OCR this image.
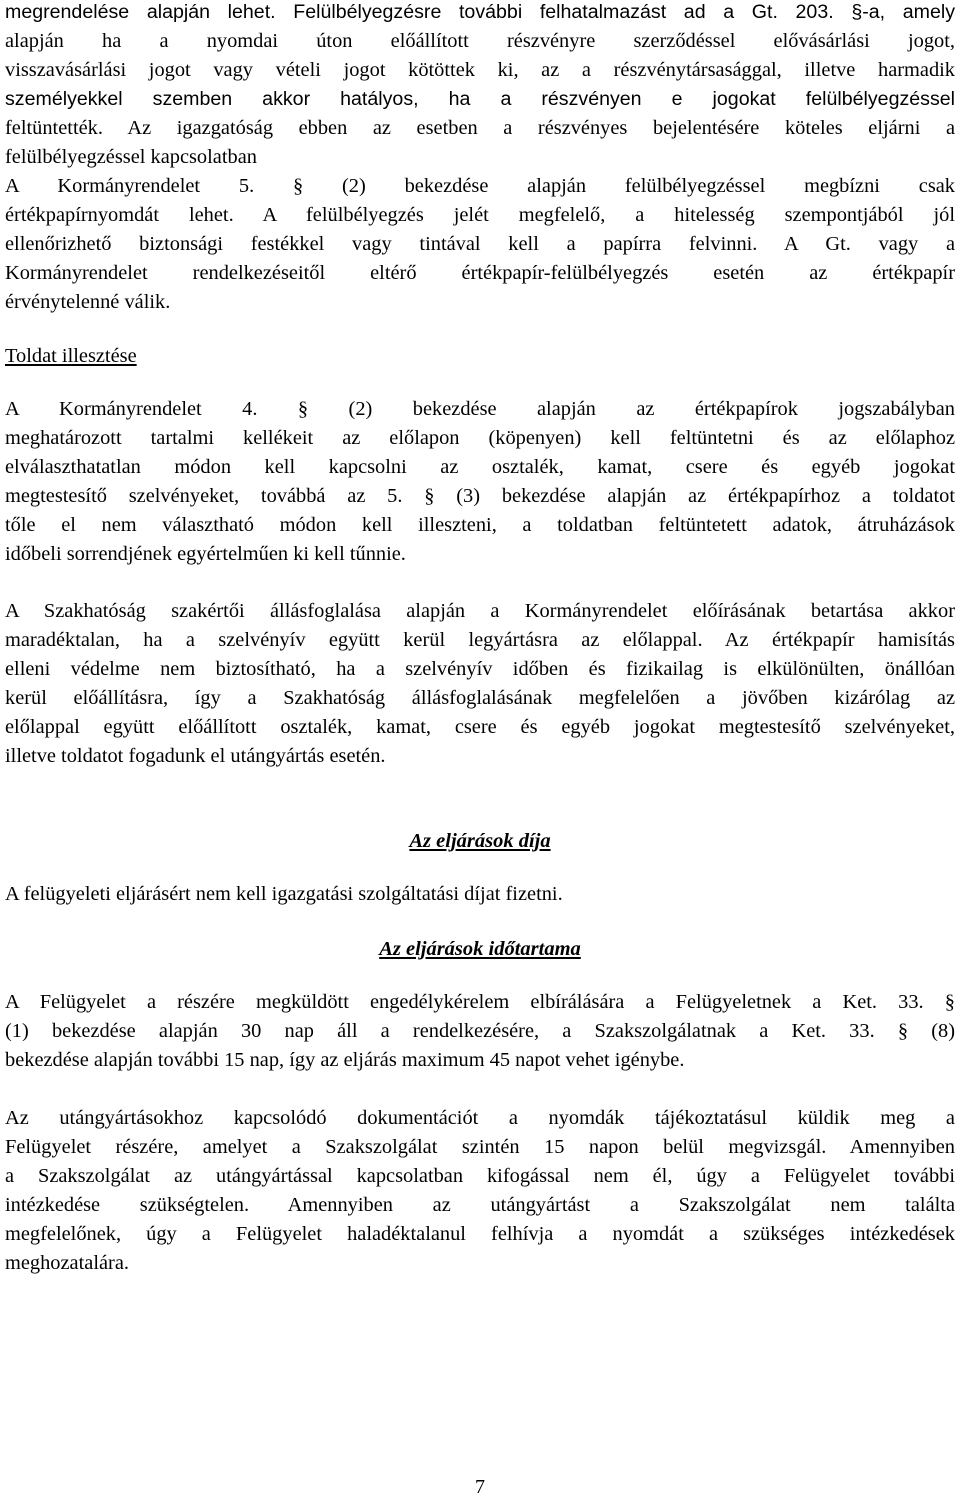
megrendelése alapján lehet. Felülbélyegzésre további felhatalmazást ad a Gt. 203. §-a, amely
alapján ha a nyomdai úton előállított részvényre szerződéssel elővásárlási jogot,
visszavásárlási jogot vagy vételi jogot kötöttek ki, az a részvénytársasággal, illetve harmadik
személyekkel szemben akkor hatályos, ha a részvényen e jogokat felülbélyegzéssel
feltüntették. Az igazgatóság ebben az esetben a részvényes bejelentésére köteles eljárni a
felülbélyegzéssel kapcsolatban
A Kormányrendelet 5. § (2) bekezdése alapján felülbélyegzéssel megbízni csak
értékpapírnyomdát lehet. A felülbélyegzés jelét megfelelő, a hitelesség szempontjából jól
ellenőrizhető biztonsági festékkel vagy tintával kell a papírra felvinni. A Gt. vagy a
Kormányrendelet rendelkezéseitől eltérő értékpapír-felülbélyegzés esetén az értékpapír
érvénytelenné válik.
Toldat illesztése
A Kormányrendelet 4. § (2) bekezdése alapján az értékpapírok jogszabályban
meghatározott tartalmi kellékeit az előlapon (köpenyen) kell feltüntetni és az előlaphoz
elválaszthatatlan módon kell kapcsolni az osztalék, kamat, csere és egyéb jogokat
megtestesítő szelvényeket, továbbá az 5. § (3) bekezdése alapján az értékpapírhoz a toldatot
tőle el nem választható módon kell illeszteni, a toldatban feltüntetett adatok, átruházások
időbeli sorrendjének egyértelműen ki kell tűnnie.
A Szakhatóság szakértői állásfoglalása alapján a Kormányrendelet előírásának betartása akkor
maradéktalan, ha a szelvényív együtt kerül legyártásra az előlappal. Az értékpapír hamisítás
elleni védelme nem biztosítható, ha a szelvényív időben és fizikailag is elkülönülten, önállóan
kerül előállításra, így a Szakhatóság állásfoglalásának megfelelően a jövőben kizárólag az
előlappal együtt előállított osztalék, kamat, csere és egyéb jogokat megtestesítő szelvényeket,
illetve toldatot fogadunk el utángyártás esetén.
Az eljárások díja
A felügyeleti eljárásért nem kell igazgatási szolgáltatási díjat fizetni.
Az eljárások időtartama
A Felügyelet a részére megküldött engedélykérelem elbírálására a Felügyeletnek a Ket. 33. §
(1) bekezdése alapján 30 nap áll a rendelkezésére, a Szakszolgálatnak a Ket. 33. § (8)
bekezdése alapján további 15 nap, így az eljárás maximum 45 napot vehet igénybe.
Az utángyártásokhoz kapcsolódó dokumentációt a nyomdák tájékoztatásul küldik meg a
Felügyelet részére, amelyet a Szakszolgálat szintén 15 napon belül megvizsgál. Amennyiben
a Szakszolgálat az utángyártással kapcsolatban kifogással nem él, úgy a Felügyelet további
intézkedése szükségtelen. Amennyiben az utángyártást a Szakszolgálat nem találta
megfelelőnek, úgy a Felügyelet haladéktalanul felhívja a nyomdát a szükséges intézkedések
meghozatalára.
7
